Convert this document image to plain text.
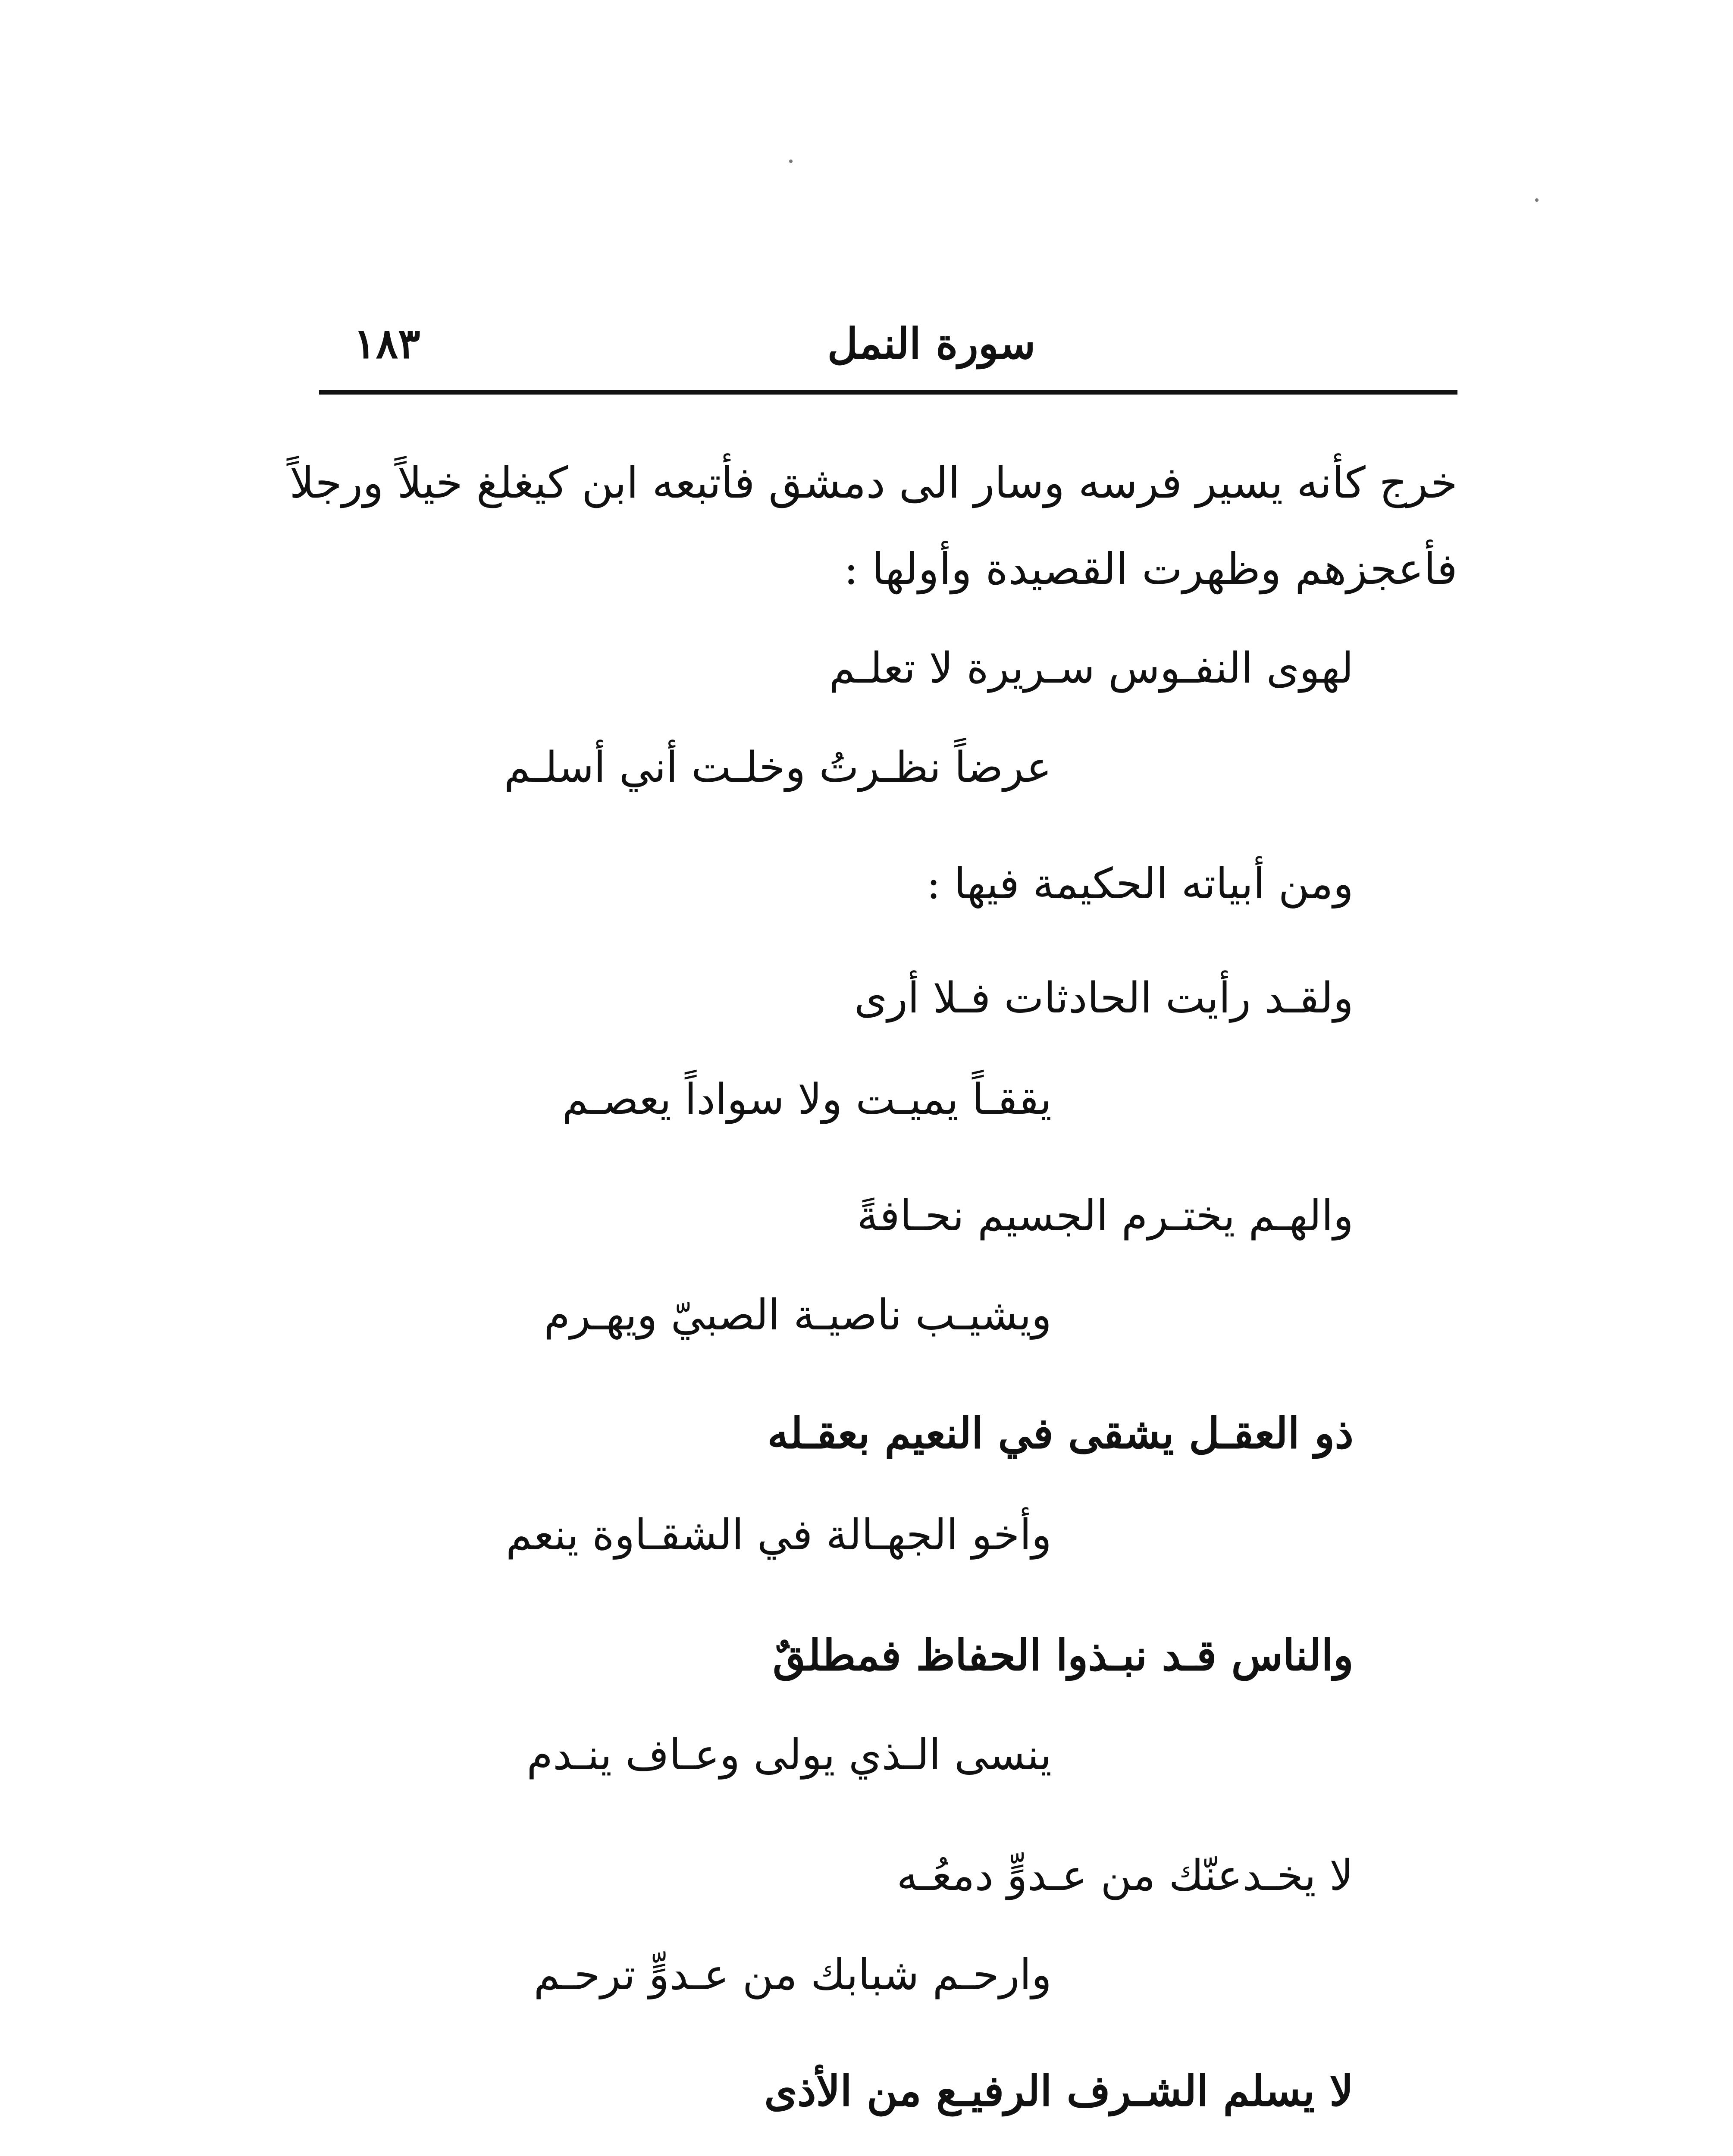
١٨٣	سورة النمل
خرج كأنه يسير فرسه وسار الى دمشق فأتبعه ابن كيغلغ خيلاً ورجلاً
فأعجزهم وظهرت القصيدة وأولها :
لهوى النفـوس سـريرة لا تعلـم
عرضاً نظـرتُ وخلـت أني أسلـم
ومن أبياته الحكيمة فيها :
ولقـد رأيت الحادثات فـلا أرى
يققـاً يميـت ولا سواداً يعصـم
والهـم يختـرم الجسيم نحـافةً
ويشيـب ناصيـة الصبيّ ويهـرم
ذو العقـل يشقى في النعيم بعقـله
وأخو الجهـالة في الشقـاوة ينعم
والناس قـد نبـذوا الحفاظ فمطلقٌ
ينسى الـذي يولى وعـاف ينـدم
لا يخـدعنّك من عـدوٍّ دمعُـه
وارحـم شبابك من عـدوٍّ ترحـم
لا يسلم الشـرف الرفيـع من الأذى
